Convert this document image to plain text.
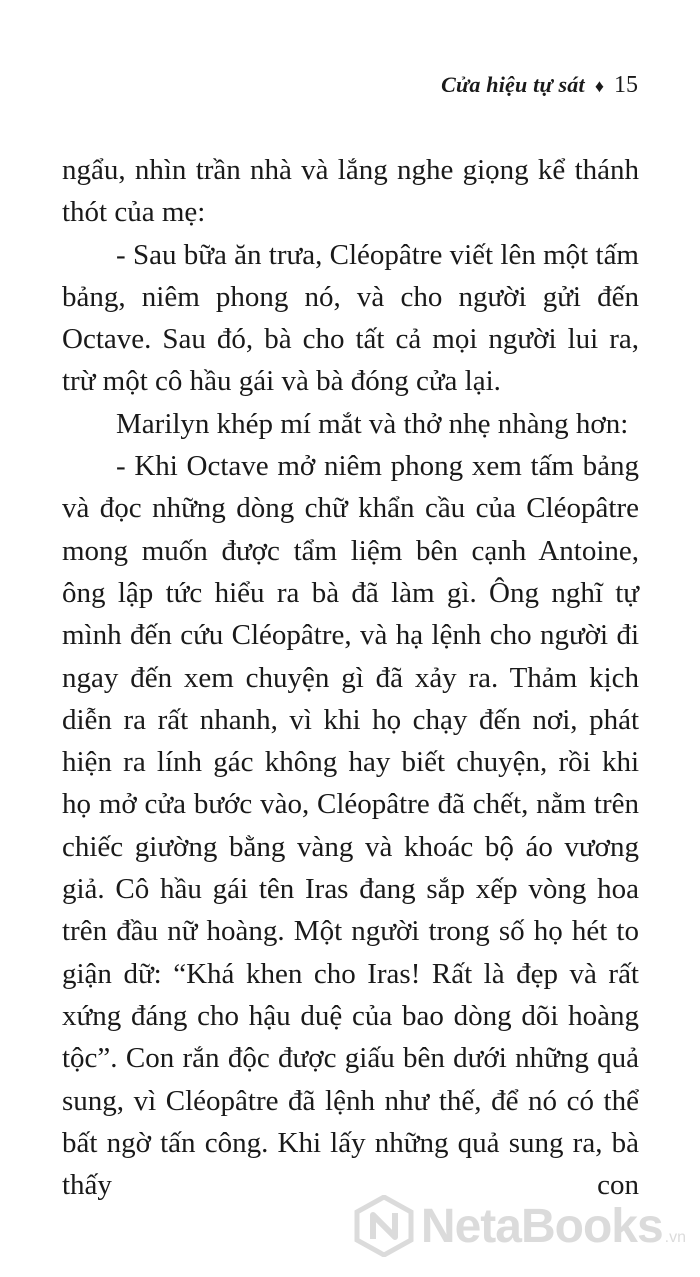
Cửa hiệu tự sát ♦ 15

ngẩu, nhìn trần nhà và lắng nghe giọng kể thánh thót của mẹ:

- Sau bữa ăn trưa, Cléopâtre viết lên một tấm bảng, niêm phong nó, và cho người gửi đến Octave. Sau đó, bà cho tất cả mọi người lui ra, trừ một cô hầu gái và bà đóng cửa lại.

Marilyn khép mí mắt và thở nhẹ nhàng hơn:

- Khi Octave mở niêm phong xem tấm bảng và đọc những dòng chữ khẩn cầu của Cléopâtre mong muốn được tẩm liệm bên cạnh Antoine, ông lập tức hiểu ra bà đã làm gì. Ông nghĩ tự mình đến cứu Cléopâtre, và hạ lệnh cho người đi ngay đến xem chuyện gì đã xảy ra. Thảm kịch diễn ra rất nhanh, vì khi họ chạy đến nơi, phát hiện ra lính gác không hay biết chuyện, rồi khi họ mở cửa bước vào, Cléopâtre đã chết, nằm trên chiếc giường bằng vàng và khoác bộ áo vương giả. Cô hầu gái tên Iras đang sắp xếp vòng hoa trên đầu nữ hoàng. Một người trong số họ hét to giận dữ: “Khá khen cho Iras! Rất là đẹp và rất xứng đáng cho hậu duệ của bao dòng dõi hoàng tộc”. Con rắn độc được giấu bên dưới những quả sung, vì Cléopâtre đã lệnh như thế, để nó có thể bất ngờ tấn công. Khi lấy những quả sung ra, bà thấy con

NetaBooks .vn
